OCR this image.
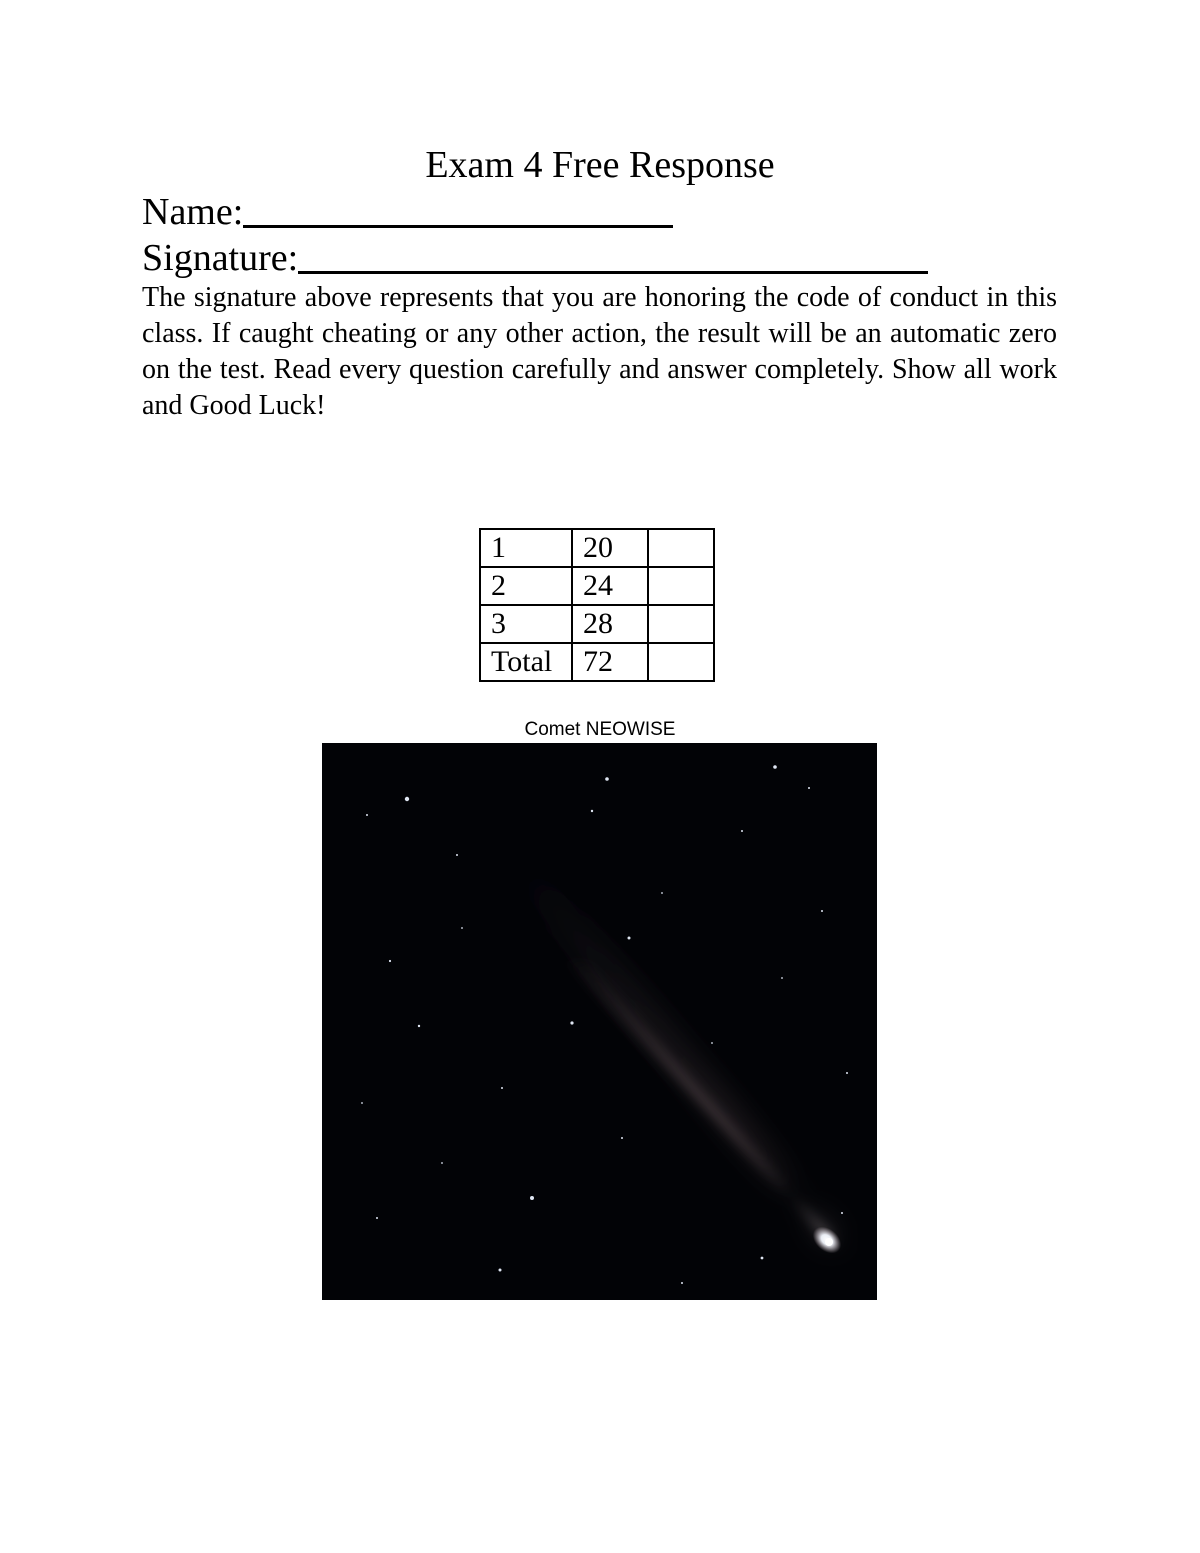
Exam 4 Free Response
Name:
Signature:
The signature above represents that you are honoring the code of conduct in this class. If caught cheating or any other action, the result will be an automatic zero on the test. Read every question carefully and answer completely. Show all work and Good Luck!
1	20	
2	24	
3	28	
Total	72	
Comet NEOWISE
